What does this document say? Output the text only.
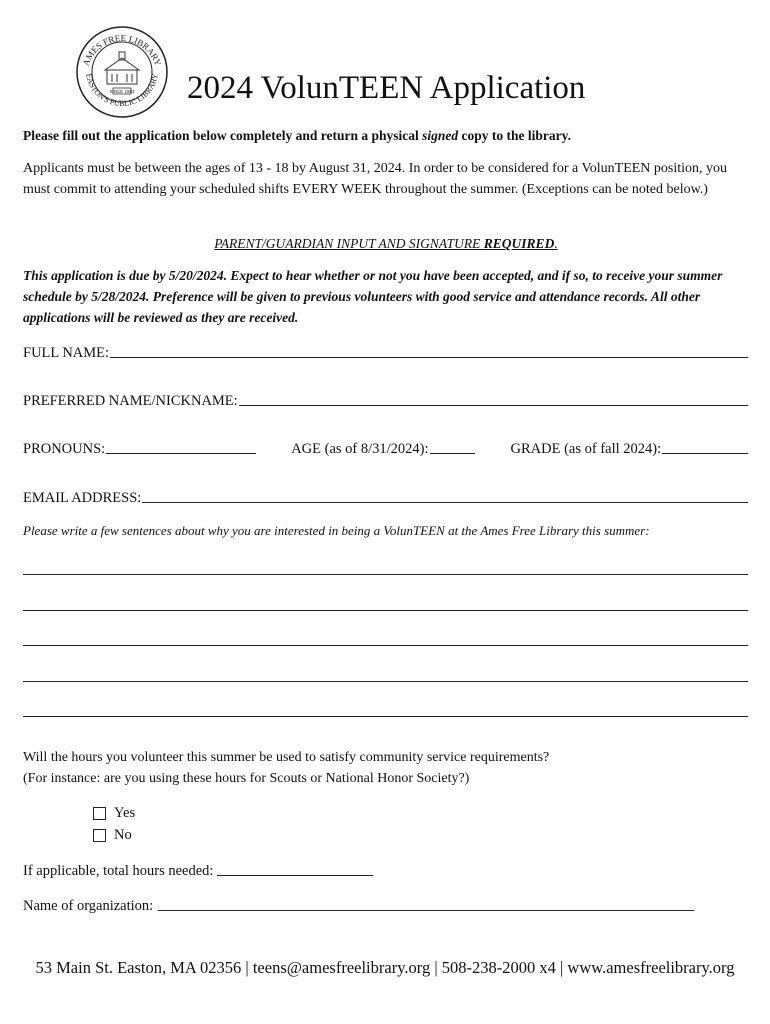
SINCE 1883
AMES FREE LIBRARY
EASTON'S PUBLIC LIBRARY 2024 VolunTEEN Application
Please fill out the application below completely and return a physical signed copy to the library.
Applicants must be between the ages of 13 - 18 by August 31, 2024. In order to be considered for a VolunTEEN position, you must commit to attending your scheduled shifts EVERY WEEK throughout the summer. (Exceptions can be noted below.)
PARENT/GUARDIAN INPUT AND SIGNATURE REQUIRED.
This application is due by 5/20/2024. Expect to hear whether or not you have been accepted, and if so, to receive your summer schedule by 5/28/2024. Preference will be given to previous volunteers with good service and attendance records. All other applications will be reviewed as they are received.
FULL NAME:
PREFERRED NAME/NICKNAME:
PRONOUNS:	AGE (as of 8/31/2024):	GRADE (as of fall 2024):
EMAIL ADDRESS:
Please write a few sentences about why you are interested in being a VolunTEEN at the Ames Free Library this summer:
Will the hours you volunteer this summer be used to satisfy community service requirements?
(For instance: are you using these hours for Scouts or National Honor Society?)
Yes
No
If applicable, total hours needed:
Name of organization:
53 Main St. Easton, MA 02356 | teens@amesfreelibrary.org | 508-238-2000 x4 | www.amesfreelibrary.org
